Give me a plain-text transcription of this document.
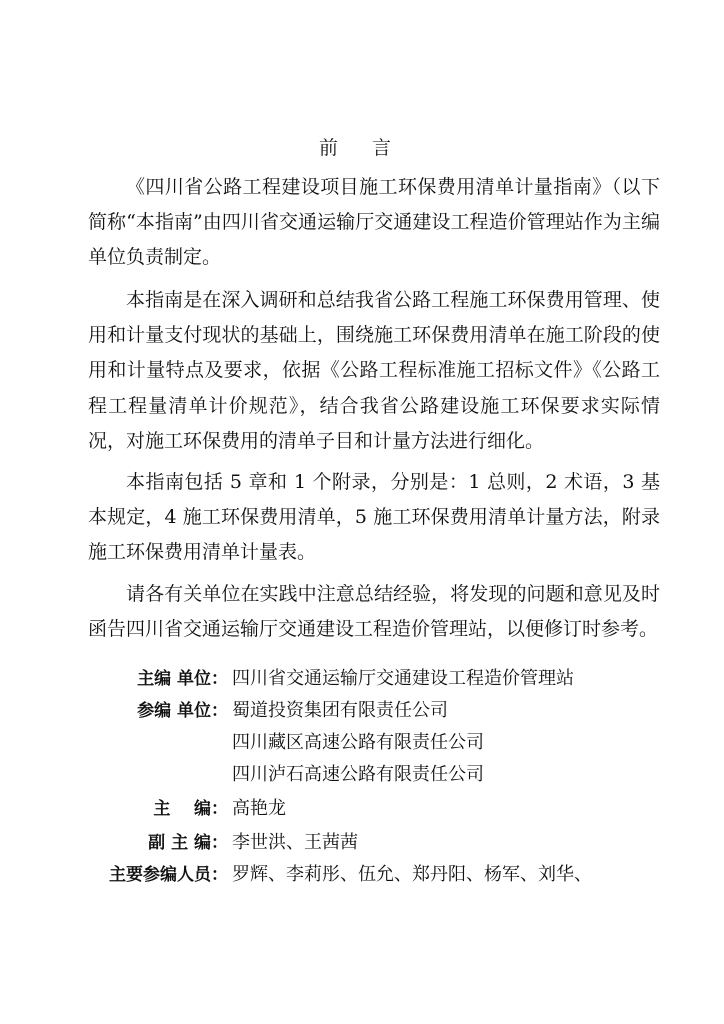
前 言

《四川省公路工程建设项目施工环保费用清单计量指南》（以下简称“本指南”由四川省交通运输厅交通建设工程造价管理站作为主编单位负责制定。

本指南是在深入调研和总结我省公路工程施工环保费用管理、使用和计量支付现状的基础上，围绕施工环保费用清单在施工阶段的使用和计量特点及要求，依据《公路工程标准施工招标文件》《公路工程工程量清单计价规范》，结合我省公路建设施工环保要求实际情况，对施工环保费用的清单子目和计量方法进行细化。

本指南包括 5 章和 1 个附录，分别是：1 总则，2 术语，3 基本规定，4 施工环保费用清单，5 施工环保费用清单计量方法，附录 施工环保费用清单计量表。

请各有关单位在实践中注意总结经验，将发现的问题和意见及时函告四川省交通运输厅交通建设工程造价管理站，以便修订时参考。

主编 单位： 四川省交通运输厅交通建设工程造价管理站
参编 单位： 蜀道投资集团有限责任公司
四川藏区高速公路有限责任公司
四川泸石高速公路有限责任公司
主    编： 高艳龙
副 主 编： 李世洪、王茜茜
主要参编人员： 罗辉、李莉彤、伍允、郑丹阳、杨军、刘华、
